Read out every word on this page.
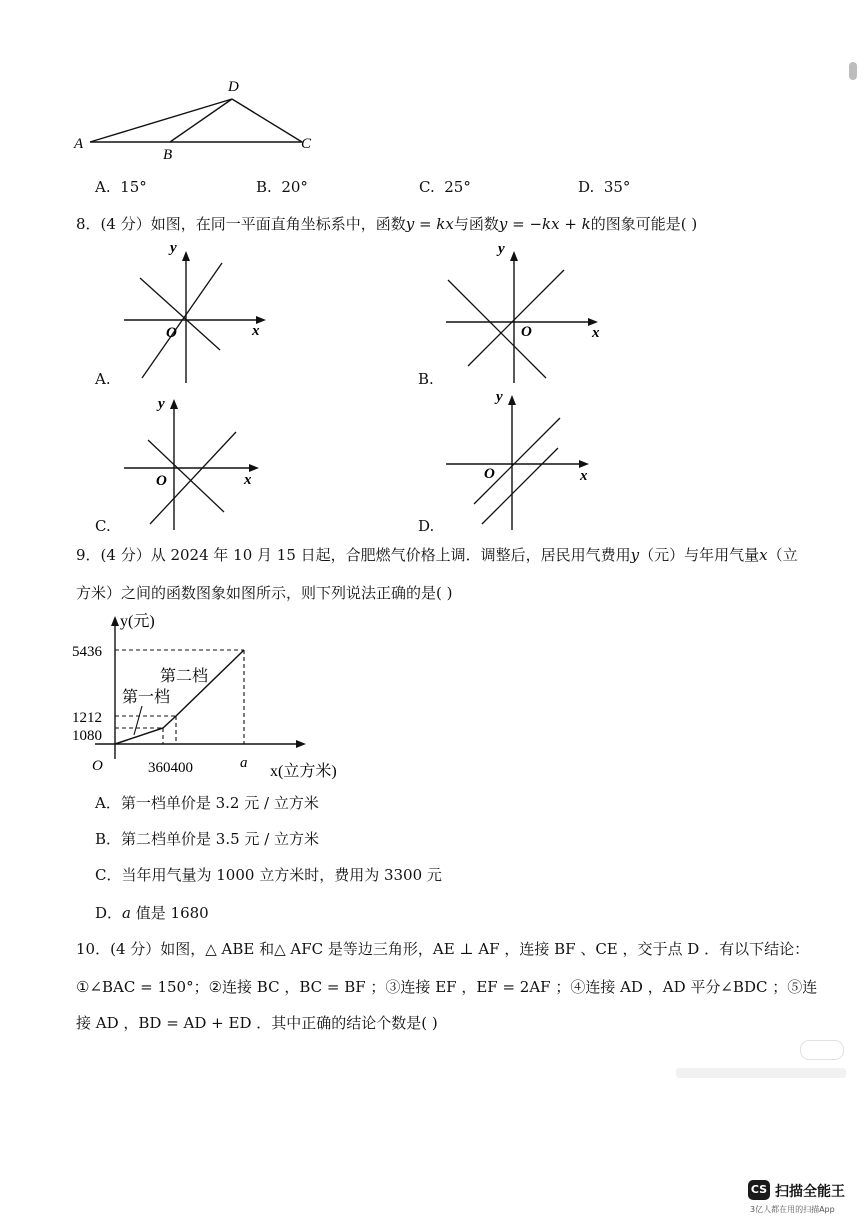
A
B
C
D
A. 15°	B. 20°	C. 25°	D. 35°
8．(4 分）如图，在同一平面直角坐标系中，函数y = kx与函数y = −kx + k的图象可能是( )
y
x
O
A.
y
x
O
B.
y
x
O
C.
y
x
O
D.
9．(4 分）从 2024 年 10 月 15 日起，合肥燃气价格上调．调整后，居民用气费用y（元）与年用气量x（立
方米）之间的函数图象如图所示，则下列说法正确的是( )
y(元)
x(立方米)
O
5436
1212
1080
360400	a
第一档
第二档
A．第一档单价是 3.2 元 / 立方米
B．第二档单价是 3.5 元 / 立方米
C．当年用气量为 1000 立方米时，费用为 3300 元
D．a 值是 1680
10．(4 分）如图，△ ABE 和△ AFC 是等边三角形，AE ⊥ AF ，连接 BF 、CE ，交于点 D ．有以下结论：
①∠BAC = 150°；②连接 BC ，BC = BF ；③连接 EF ，EF = 2AF ；④连接 AD ，AD 平分∠BDC ；⑤连
接 AD ，BD = AD + ED ．其中正确的结论个数是( )
CS 扫描全能王
3亿人都在用的扫描App
